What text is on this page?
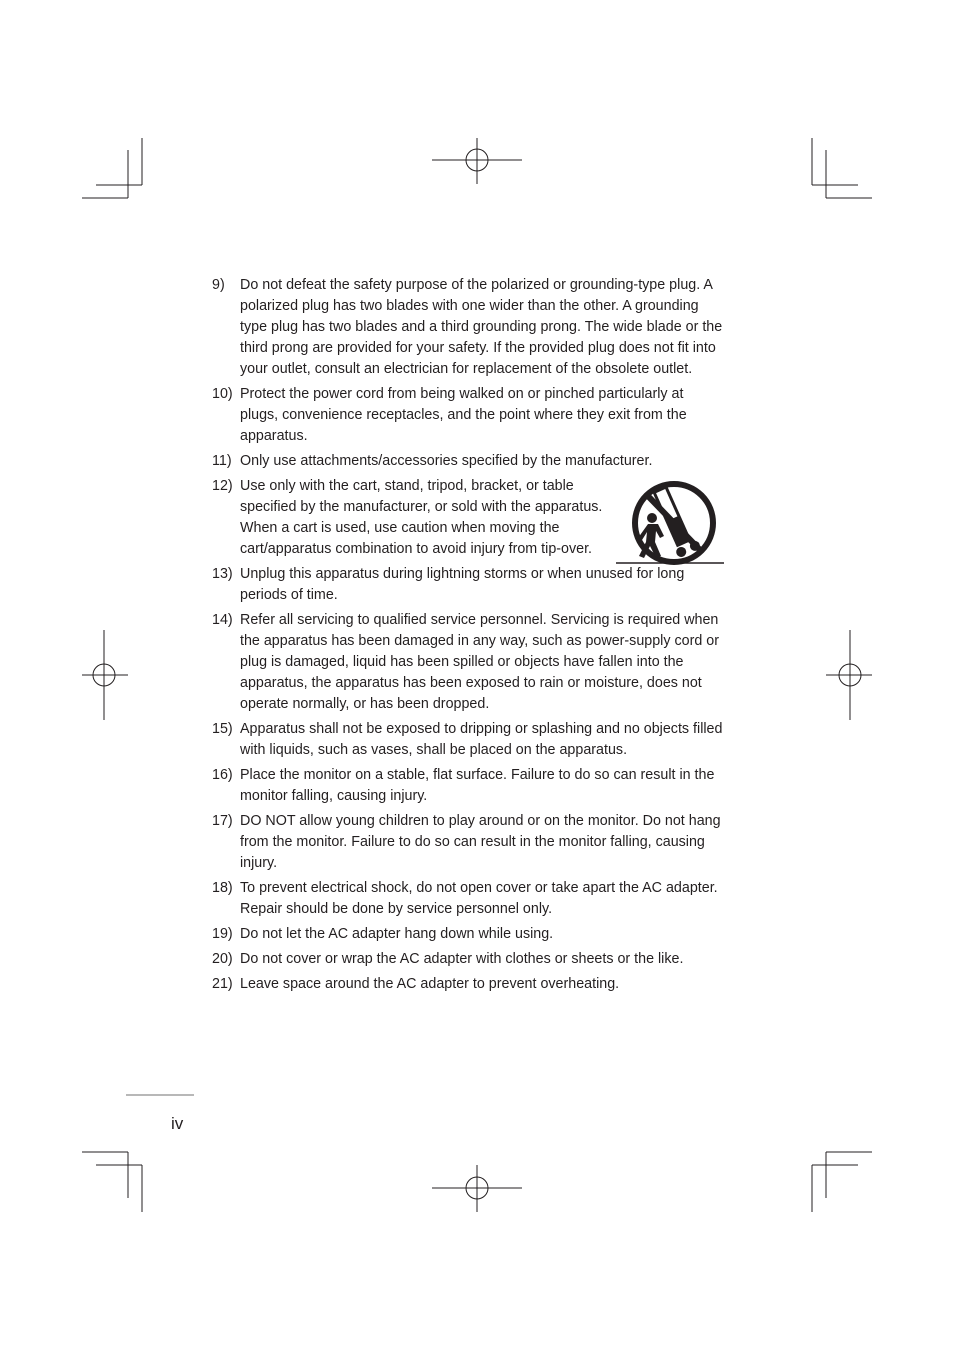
9) Do not defeat the safety purpose of the polarized or grounding-type plug. A polarized plug has two blades with one wider than the other. A grounding type plug has two blades and a third grounding prong. The wide blade or the third prong are provided for your safety. If the provided plug does not fit into your outlet, consult an electrician for replacement of the obsolete outlet.
10) Protect the power cord from being walked on or pinched particularly at plugs, convenience receptacles, and the point where they exit from the apparatus.
11) Only use attachments/accessories specified by the manufacturer.
12) Use only with the cart, stand, tripod, bracket, or table specified by the manufacturer, or sold with the apparatus. When a cart is used, use caution when moving the cart/apparatus combination to avoid injury from tip-over.
13) Unplug this apparatus during lightning storms or when unused for long periods of time.
14) Refer all servicing to qualified service personnel. Servicing is required when the apparatus has been damaged in any way, such as power-supply cord or plug is damaged, liquid has been spilled or objects have fallen into the apparatus, the apparatus has been exposed to rain or moisture, does not operate normally, or has been dropped.
15) Apparatus shall not be exposed to dripping or splashing and no objects filled with liquids, such as vases, shall be placed on the apparatus.
16) Place the monitor on a stable, flat surface. Failure to do so can result in the monitor falling, causing injury.
17) DO NOT allow young children to play around or on the monitor. Do not hang from the monitor. Failure to do so can result in the monitor falling, causing injury.
18) To prevent electrical shock, do not open cover or take apart the AC adapter. Repair should be done by service personnel only.
19) Do not let the AC adapter hang down while using.
20) Do not cover or wrap the AC adapter with clothes or sheets or the like.
21) Leave space around the AC adapter to prevent overheating.
iv
